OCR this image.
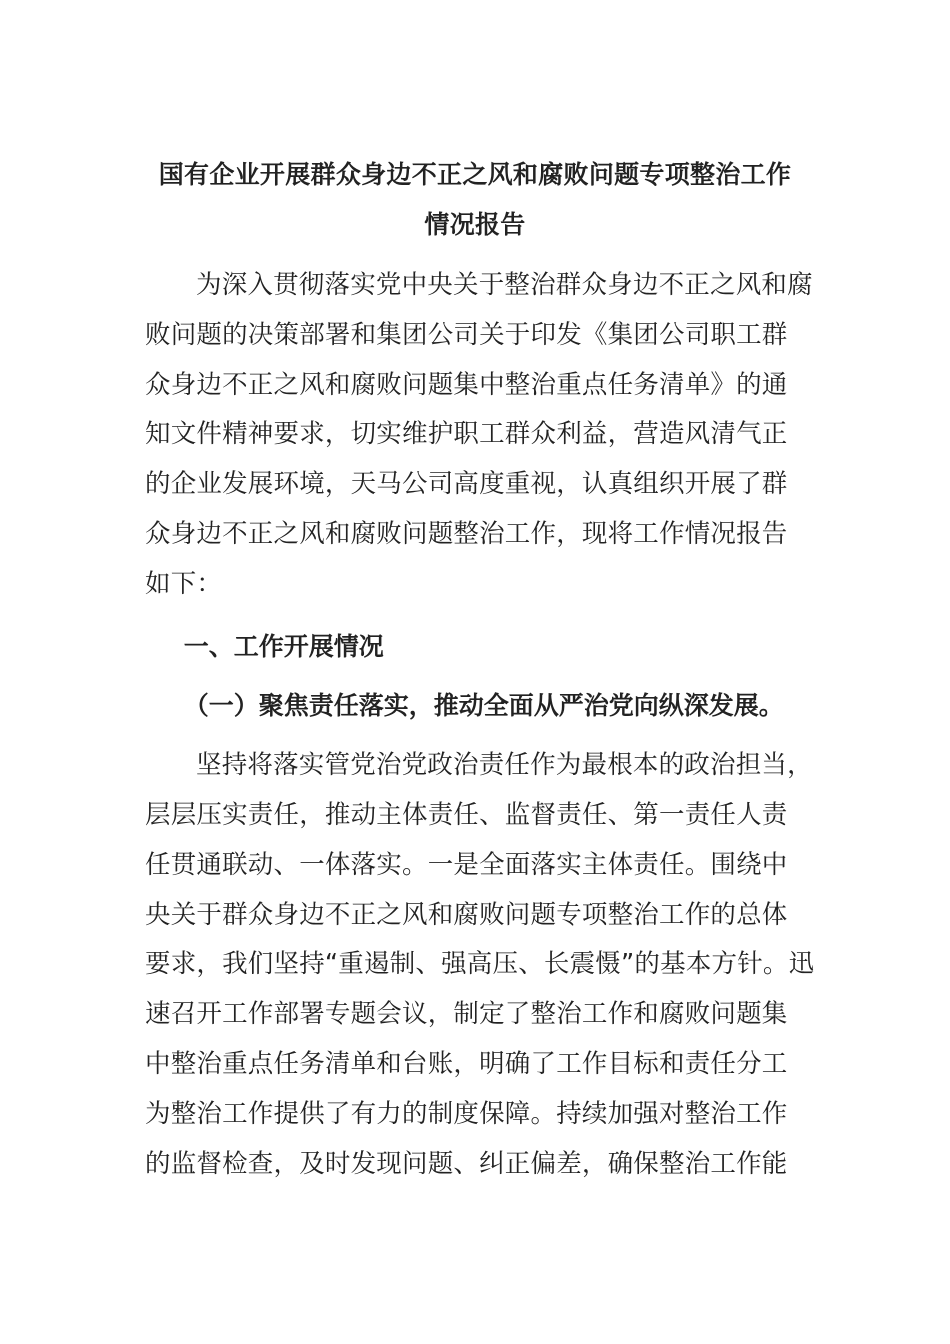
国有企业开展群众身边不正之风和腐败问题专项整治工作
情况报告

为深入贯彻落实党中央关于整治群众身边不正之风和腐
败问题的决策部署和集团公司关于印发《集团公司职工群
众身边不正之风和腐败问题集中整治重点任务清单》的通
知文件精神要求，切实维护职工群众利益，营造风清气正
的企业发展环境，天马公司高度重视，认真组织开展了群
众身边不正之风和腐败问题整治工作，现将工作情况报告
如下：

一、工作开展情况
（一）聚焦责任落实，推动全面从严治党向纵深发展。

坚持将落实管党治党政治责任作为最根本的政治担当，
层层压实责任，推动主体责任、监督责任、第一责任人责
任贯通联动、一体落实。一是全面落实主体责任。围绕中
央关于群众身边不正之风和腐败问题专项整治工作的总体
要求，我们坚持“重遏制、强高压、长震慑”的基本方针。迅
速召开工作部署专题会议，制定了整治工作和腐败问题集
中整治重点任务清单和台账，明确了工作目标和责任分工
为整治工作提供了有力的制度保障。持续加强对整治工作
的监督检查，及时发现问题、纠正偏差，确保整治工作能
